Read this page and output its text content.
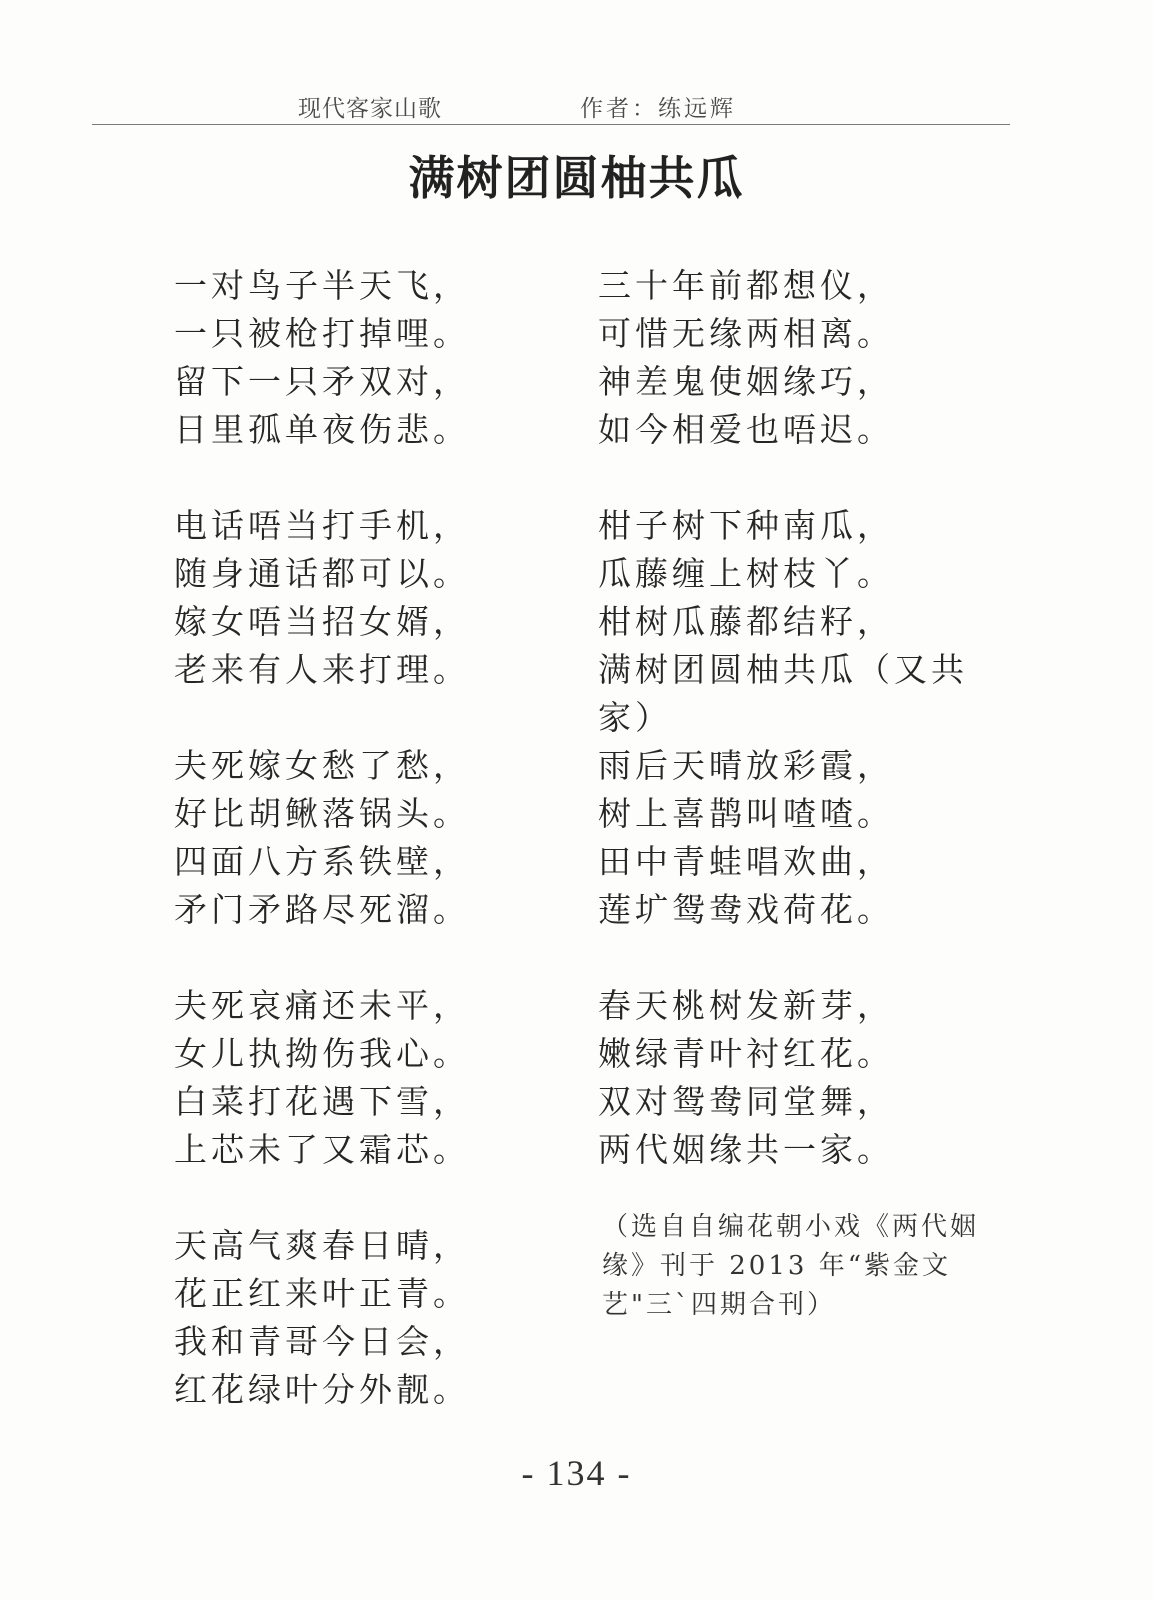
现代客家山歌	作者：练远辉
满树团圆柚共瓜
一对鸟子半天飞，
一只被枪打掉哩。
留下一只矛双对，
日里孤单夜伤悲。
电话唔当打手机，
随身通话都可以。
嫁女唔当招女婿，
老来有人来打理。
夫死嫁女愁了愁，
好比胡鳅落锅头。
四面八方系铁壁，
矛门矛路尽死溜。
夫死哀痛还未平，
女儿执拗伤我心。
白菜打花遇下雪，
上芯未了又霜芯。
天高气爽春日晴，
花正红来叶正青。
我和青哥今日会，
红花绿叶分外靓。
三十年前都想仪，
可惜无缘两相离。
神差鬼使姻缘巧，
如今相爱也唔迟。
柑子树下种南瓜，
瓜藤缠上树枝丫。
柑树瓜藤都结籽，
满树团圆柚共瓜（又共家）
雨后天晴放彩霞，
树上喜鹊叫喳喳。
田中青蛙唱欢曲，
莲圹鸳鸯戏荷花。
春天桃树发新芽，
嫩绿青叶衬红花。
双对鸳鸯同堂舞，
两代姻缘共一家。
（选自自编花朝小戏《两代姻缘》刊于 2013 年“紫金文艺"三`四期合刊）
- 134 -
